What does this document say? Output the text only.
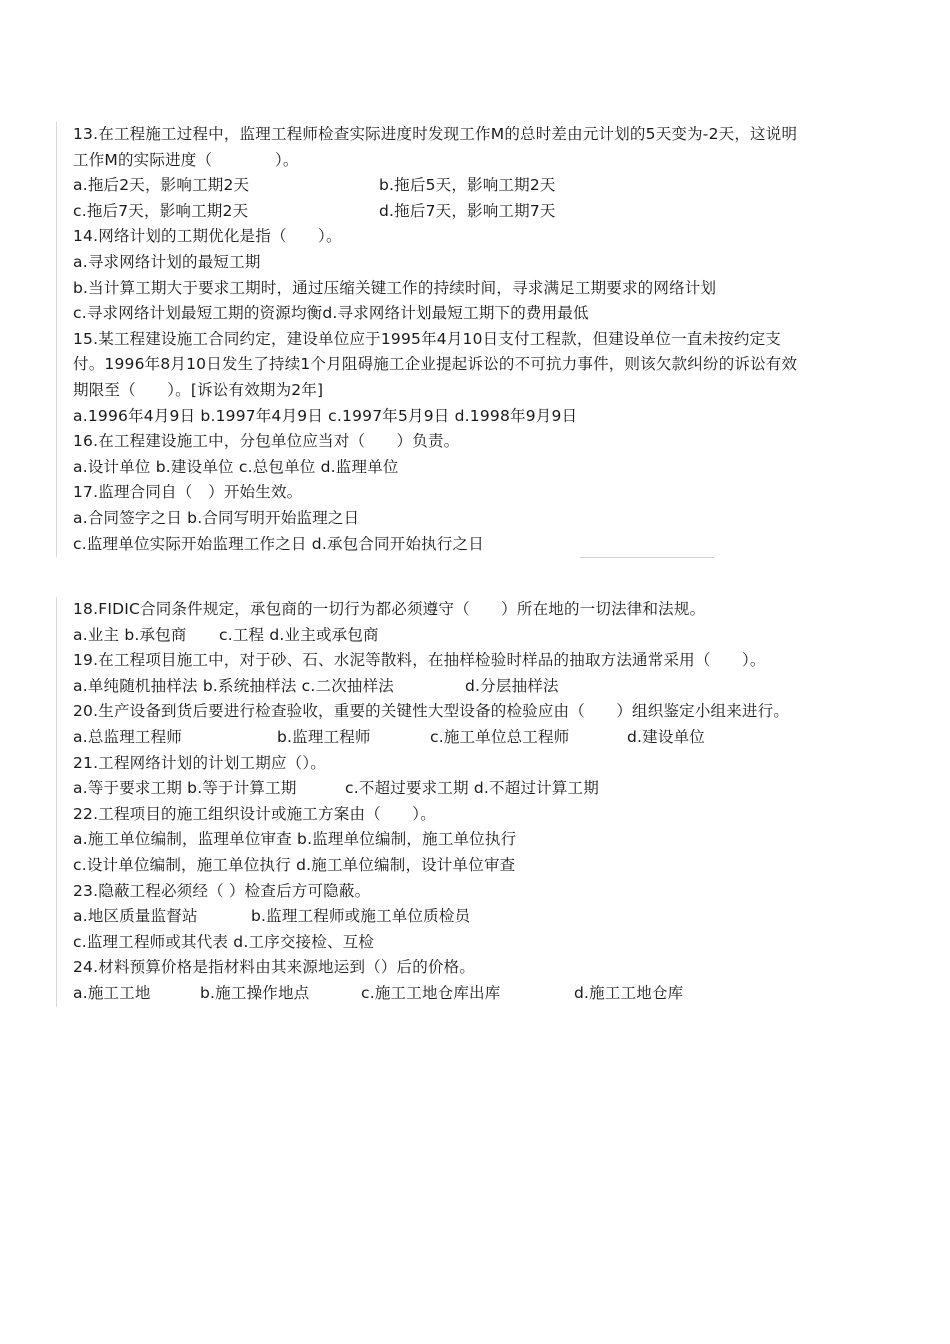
13.在工程施工过程中，监理工程师检查实际进度时发现工作M的总时差由元计划的5天变为-2天，这说明
工作M的实际进度（　　　　）。
a.拖后2天，影响工期2天	b.拖后5天，影响工期2天
c.拖后7天，影响工期2天	d.拖后7天，影响工期7天
14.网络计划的工期优化是指（　　）。
a.寻求网络计划的最短工期
b.当计算工期大于要求工期时，通过压缩关键工作的持续时间，寻求满足工期要求的网络计划
c.寻求网络计划最短工期的资源均衡d.寻求网络计划最短工期下的费用最低
15.某工程建设施工合同约定，建设单位应于1995年4月10日支付工程款，但建设单位一直未按约定支
付。1996年8月10日发生了持续1个月阻碍施工企业提起诉讼的不可抗力事件，则该欠款纠纷的诉讼有效
期限至（　　）。[诉讼有效期为2年]
a.1996年4月9日 b.1997年4月9日 c.1997年5月9日 d.1998年9月9日
16.在工程建设施工中，分包单位应当对（　　）负责。
a.设计单位 b.建设单位 c.总包单位 d.监理单位
17.监理合同自（　）开始生效。
a.合同签字之日 b.合同写明开始监理之日
c.监理单位实际开始监理工作之日 d.承包合同开始执行之日
18.FIDIC合同条件规定，承包商的一切行为都必须遵守（　　）所在地的一切法律和法规。
a.业主 b.承包商 c.工程 d.业主或承包商
19.在工程项目施工中，对于砂、石、水泥等散料，在抽样检验时样品的抽取方法通常采用（　　）。
a.单纯随机抽样法 b.系统抽样法 c.二次抽样法	d.分层抽样法
20.生产设备到货后要进行检查验收，重要的关键性大型设备的检验应由（　　）组织鉴定小组来进行。
a.总监理工程师	b.监理工程师	c.施工单位总工程师	d.建设单位
21.工程网络计划的计划工期应（）。
a.等于要求工期 b.等于计算工期	c.不超过要求工期 d.不超过计算工期
22.工程项目的施工组织设计或施工方案由（　　）。
a.施工单位编制，监理单位审查 b.监理单位编制，施工单位执行
c.设计单位编制，施工单位执行 d.施工单位编制，设计单位审查
23.隐蔽工程必须经（ ）检查后方可隐蔽。
a.地区质量监督站	b.监理工程师或施工单位质检员
c.监理工程师或其代表 d.工序交接检、互检
24.材料预算价格是指材料由其来源地运到（）后的价格。
a.施工工地	b.施工操作地点	c.施工工地仓库出库	d.施工工地仓库
